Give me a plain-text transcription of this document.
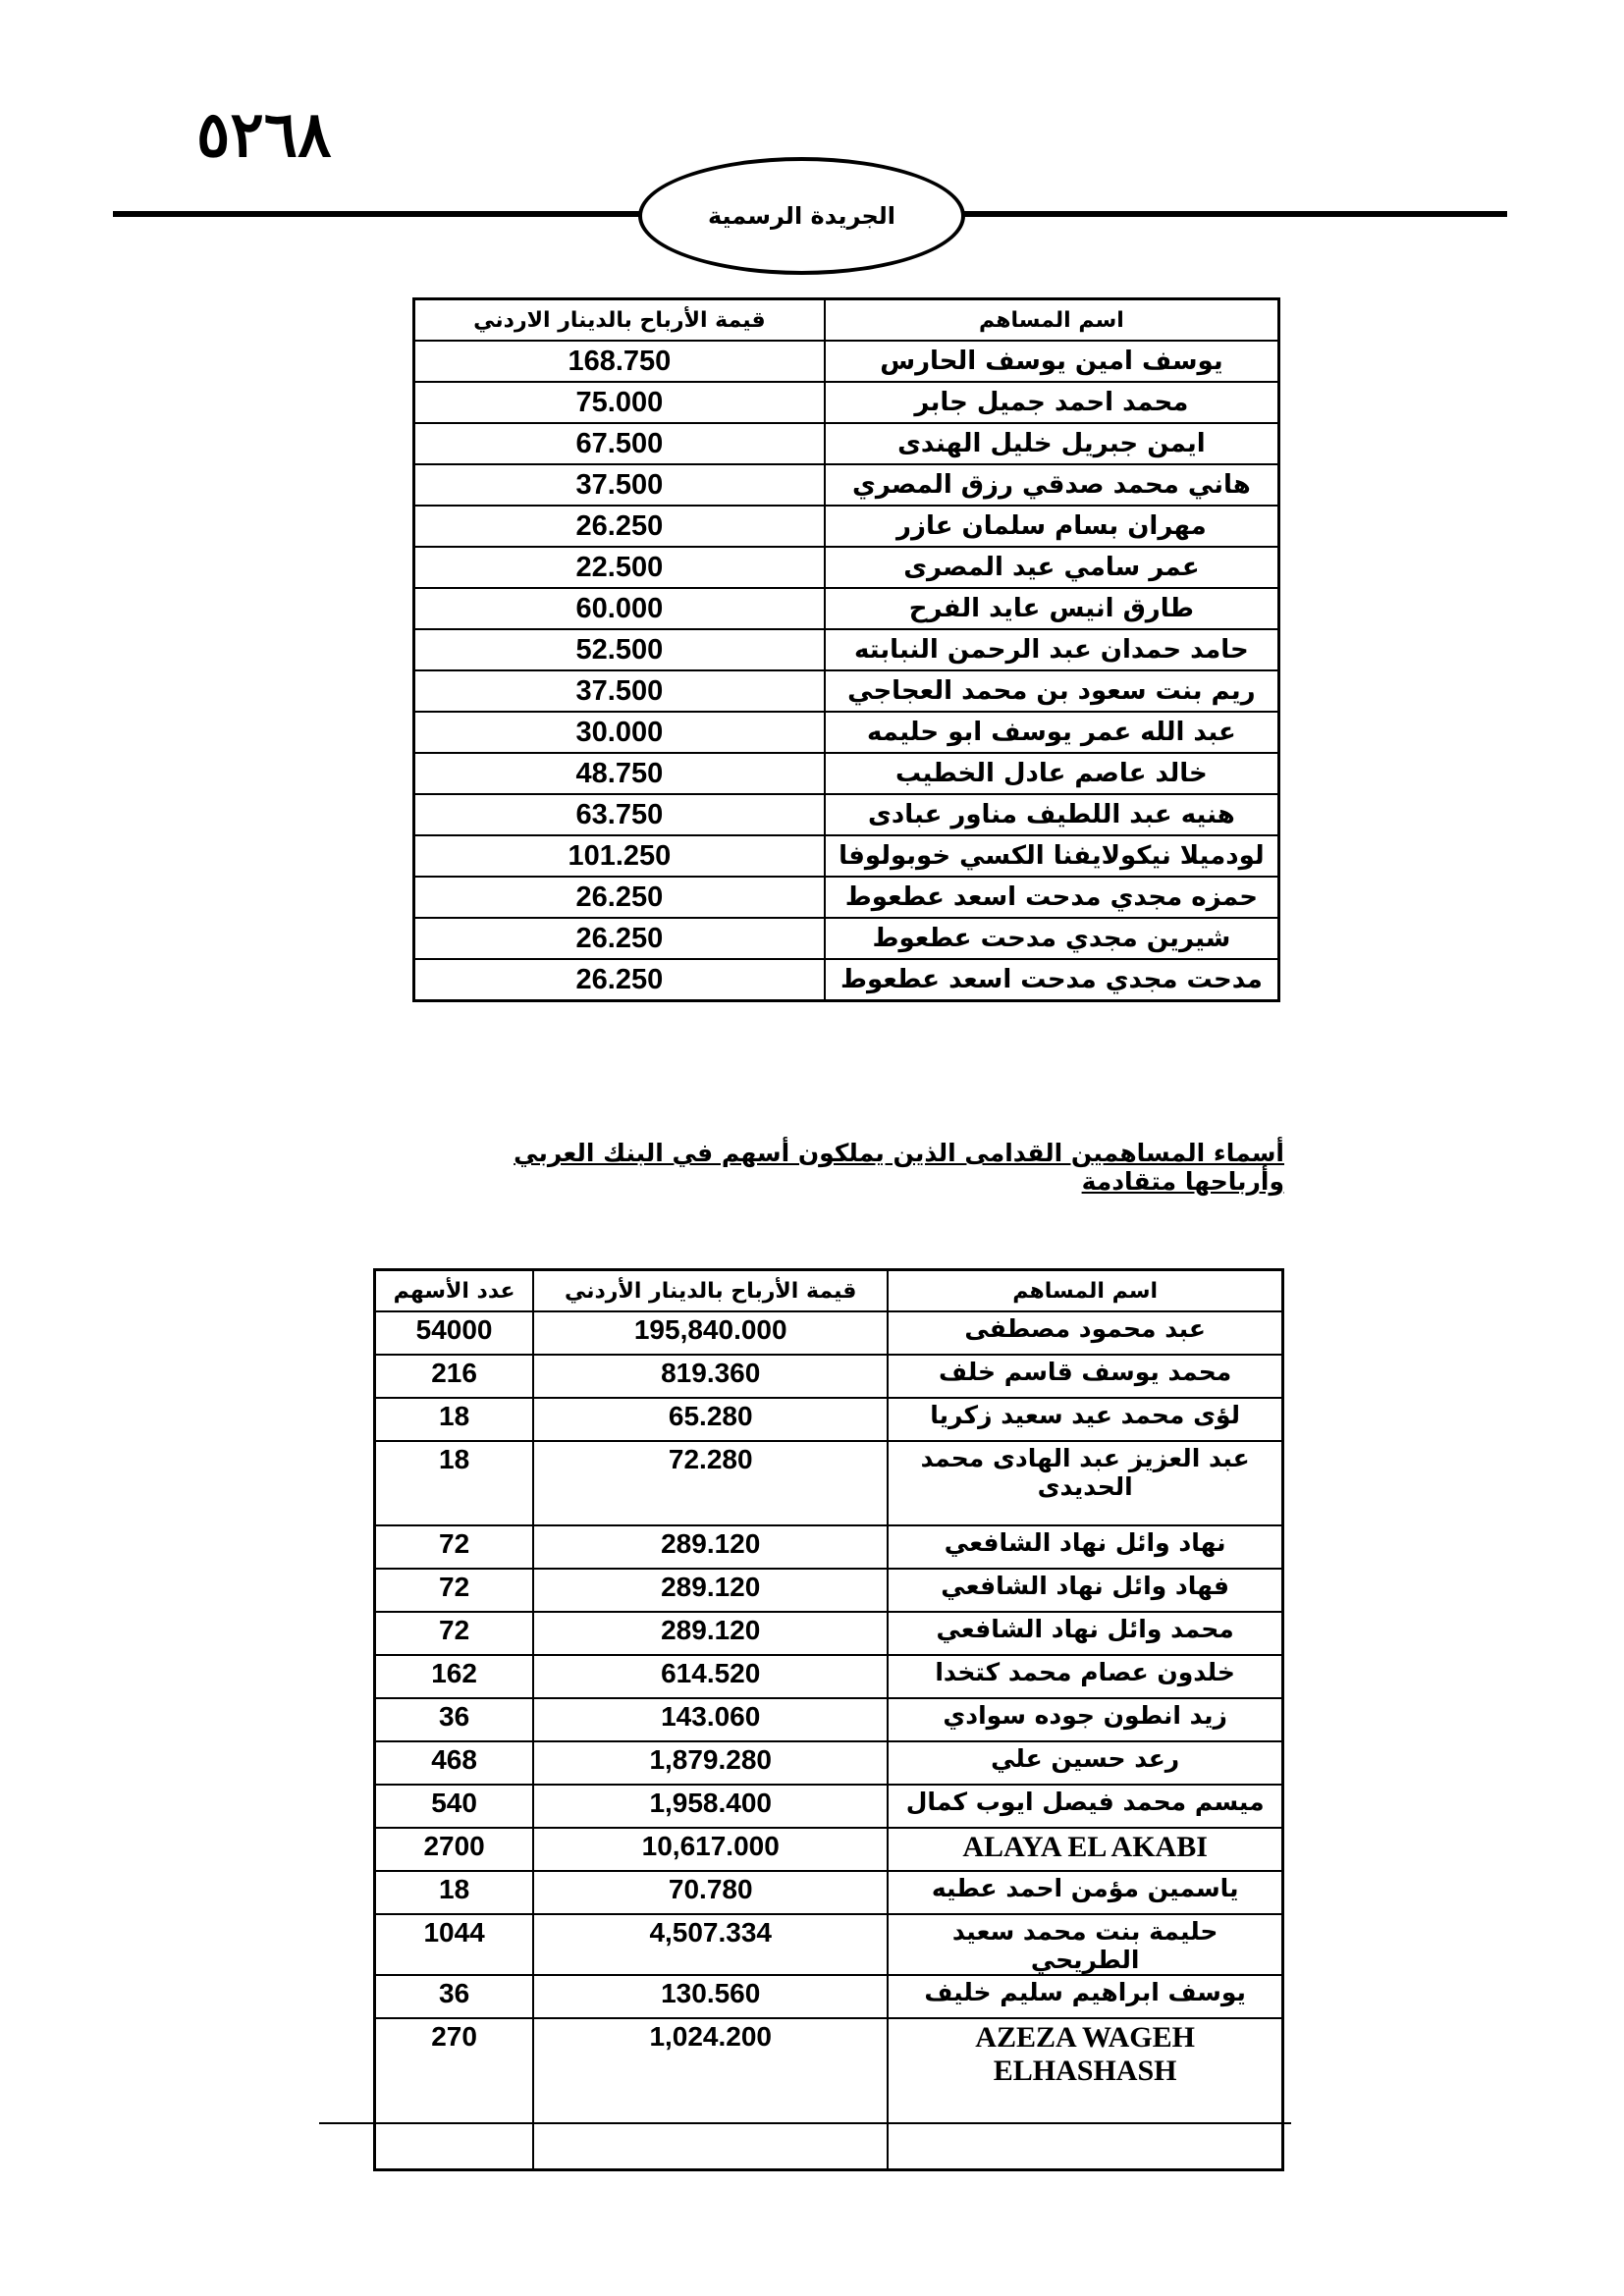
٥٢٦٨
الجريدة الرسمية
اسم المساهم	قيمة الأرباح بالدينار الاردني
يوسف امين يوسف الحارس	168.750
محمد احمد جميل جابر	75.000
ايمن جبريل خليل الهندى	67.500
هاني محمد صدقي رزق المصري	37.500
مهران بسام سلمان عازر	26.250
عمر سامي عيد المصرى	22.500
طارق انيس عايد الفرح	60.000
حامد حمدان عبد الرحمن النبابته	52.500
ريم بنت سعود بن محمد العجاجي	37.500
عبد الله عمر يوسف ابو حليمه	30.000
خالد عاصم عادل الخطيب	48.750
هنيه عبد اللطيف مناور عبادى	63.750
لودميلا نيكولايفنا الكسي خوبولوفا	101.250
حمزه مجدي مدحت اسعد عطعوط	26.250
شيرين مجدي مدحت عطعوط	26.250
مدحت مجدي مدحت اسعد عطعوط	26.250
أسماء المساهمين القدامى الذين يملكون أسهم في البنك العربي وأرباحها متقادمة
اسم المساهم	قيمة الأرباح بالدينار الأردني	عدد الأسهم
عبد محمود مصطفى	195,840.000	54000
محمد يوسف قاسم خلف	819.360	216
لؤى محمد عيد سعيد زكريا	65.280	18
عبد العزيز عبد الهادى محمد الحديدى	72.280	18
نهاد وائل نهاد الشافعي	289.120	72
فهاد وائل نهاد الشافعي	289.120	72
محمد وائل نهاد الشافعي	289.120	72
خلدون عصام محمد كتخدا	614.520	162
زيد انطون جوده سوادي	143.060	36
رعد حسين علي	1,879.280	468
ميسم محمد فيصل ايوب كمال	1,958.400	540
ALAYA EL AKABI	10,617.000	2700
ياسمين مؤمن احمد عطيه	70.780	18
حليمة بنت محمد سعيد الطريحي	4,507.334	1044
يوسف ابراهيم سليم خليف	130.560	36
AZEZA WAGEH ELHASHASH	1,024.200	270
